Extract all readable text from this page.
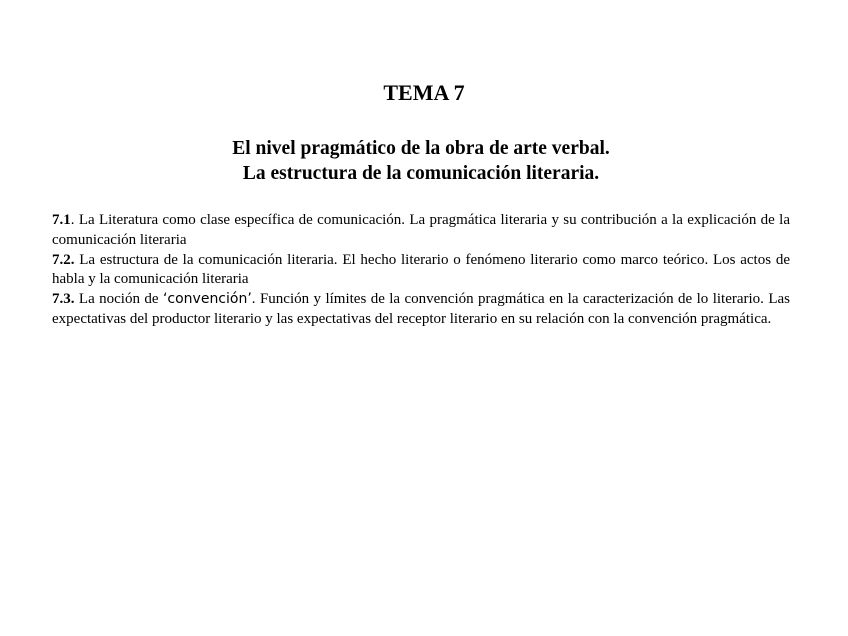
TEMA 7
El nivel pragmático de la obra de arte verbal.
La estructura de la comunicación literaria.

7.1. La Literatura como clase específica de comunicación. La pragmática literaria y su contribución a la explicación de la comunicación literaria

7.2. La estructura de la comunicación literaria. El hecho literario o fenómeno literario como marco teórico. Los actos de habla y la comunicación literaria

7.3. La noción de ‘convención’. Función y límites de la convención pragmática en la caracterización de lo literario. Las expectativas del productor literario y las expectativas del receptor literario en su relación con la convención pragmática.
